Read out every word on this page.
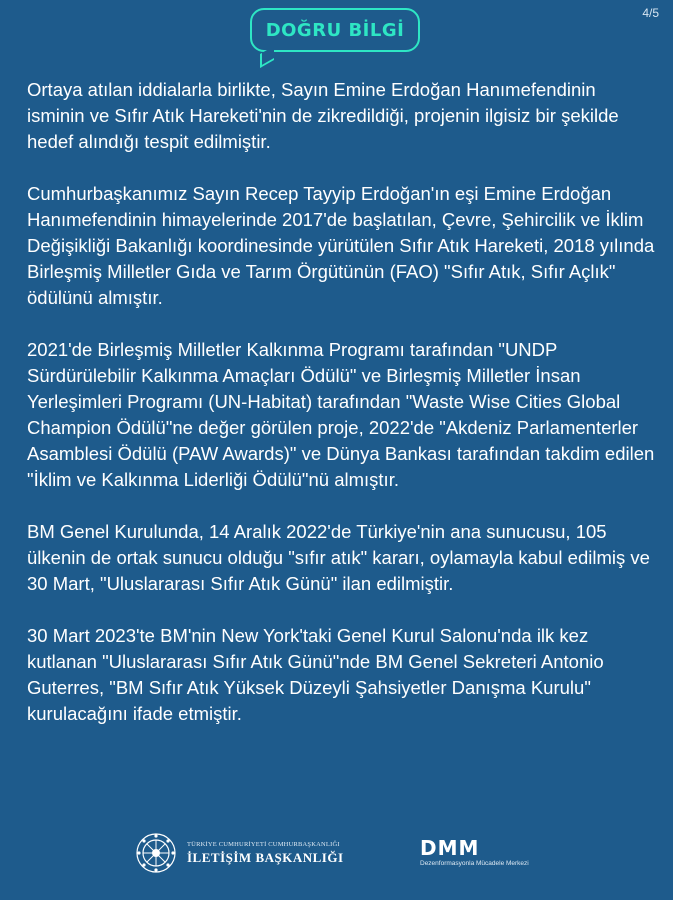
4/5
DOĞRU BİLGİ

Ortaya atılan iddialarla birlikte, Sayın Emine Erdoğan Hanımefendinin isminin ve Sıfır Atık Hareketi'nin de zikredildiği, projenin ilgisiz bir şekilde hedef alındığı tespit edilmiştir.

Cumhurbaşkanımız Sayın Recep Tayyip Erdoğan'ın eşi Emine Erdoğan Hanımefendinin himayelerinde 2017'de başlatılan, Çevre, Şehircilik ve İklim Değişikliği Bakanlığı koordinesinde yürütülen Sıfır Atık Hareketi, 2018 yılında Birleşmiş Milletler Gıda ve Tarım Örgütünün (FAO) "Sıfır Atık, Sıfır Açlık" ödülünü almıştır.

2021'de Birleşmiş Milletler Kalkınma Programı tarafından "UNDP Sürdürülebilir Kalkınma Amaçları Ödülü" ve Birleşmiş Milletler İnsan Yerleşimleri Programı (UN-Habitat) tarafından "Waste Wise Cities Global Champion Ödülü"ne değer görülen proje, 2022'de "Akdeniz Parlamenterler Asamblesi Ödülü (PAW Awards)" ve Dünya Bankası tarafından takdim edilen "İklim ve Kalkınma Liderliği Ödülü"nü almıştır.

BM Genel Kurulunda, 14 Aralık 2022'de Türkiye'nin ana sunucusu, 105 ülkenin de ortak sunucu olduğu "sıfır atık" kararı, oylamayla kabul edilmiş ve 30 Mart, "Uluslararası Sıfır Atık Günü" ilan edilmiştir.

30 Mart 2023'te BM'nin New York'taki Genel Kurul Salonu'nda ilk kez kutlanan "Uluslararası Sıfır Atık Günü"nde BM Genel Sekreteri Antonio Guterres, "BM Sıfır Atık Yüksek Düzeyli Şahsiyetler Danışma Kurulu" kurulacağını ifade etmiştir.

TÜRKİYE CUMHURİYETİ CUMHURBAŞKANLIĞI
İLETİŞİM BAŞKANLIĞI	DMM
Dezenformasyonla Mücadele Merkezi
